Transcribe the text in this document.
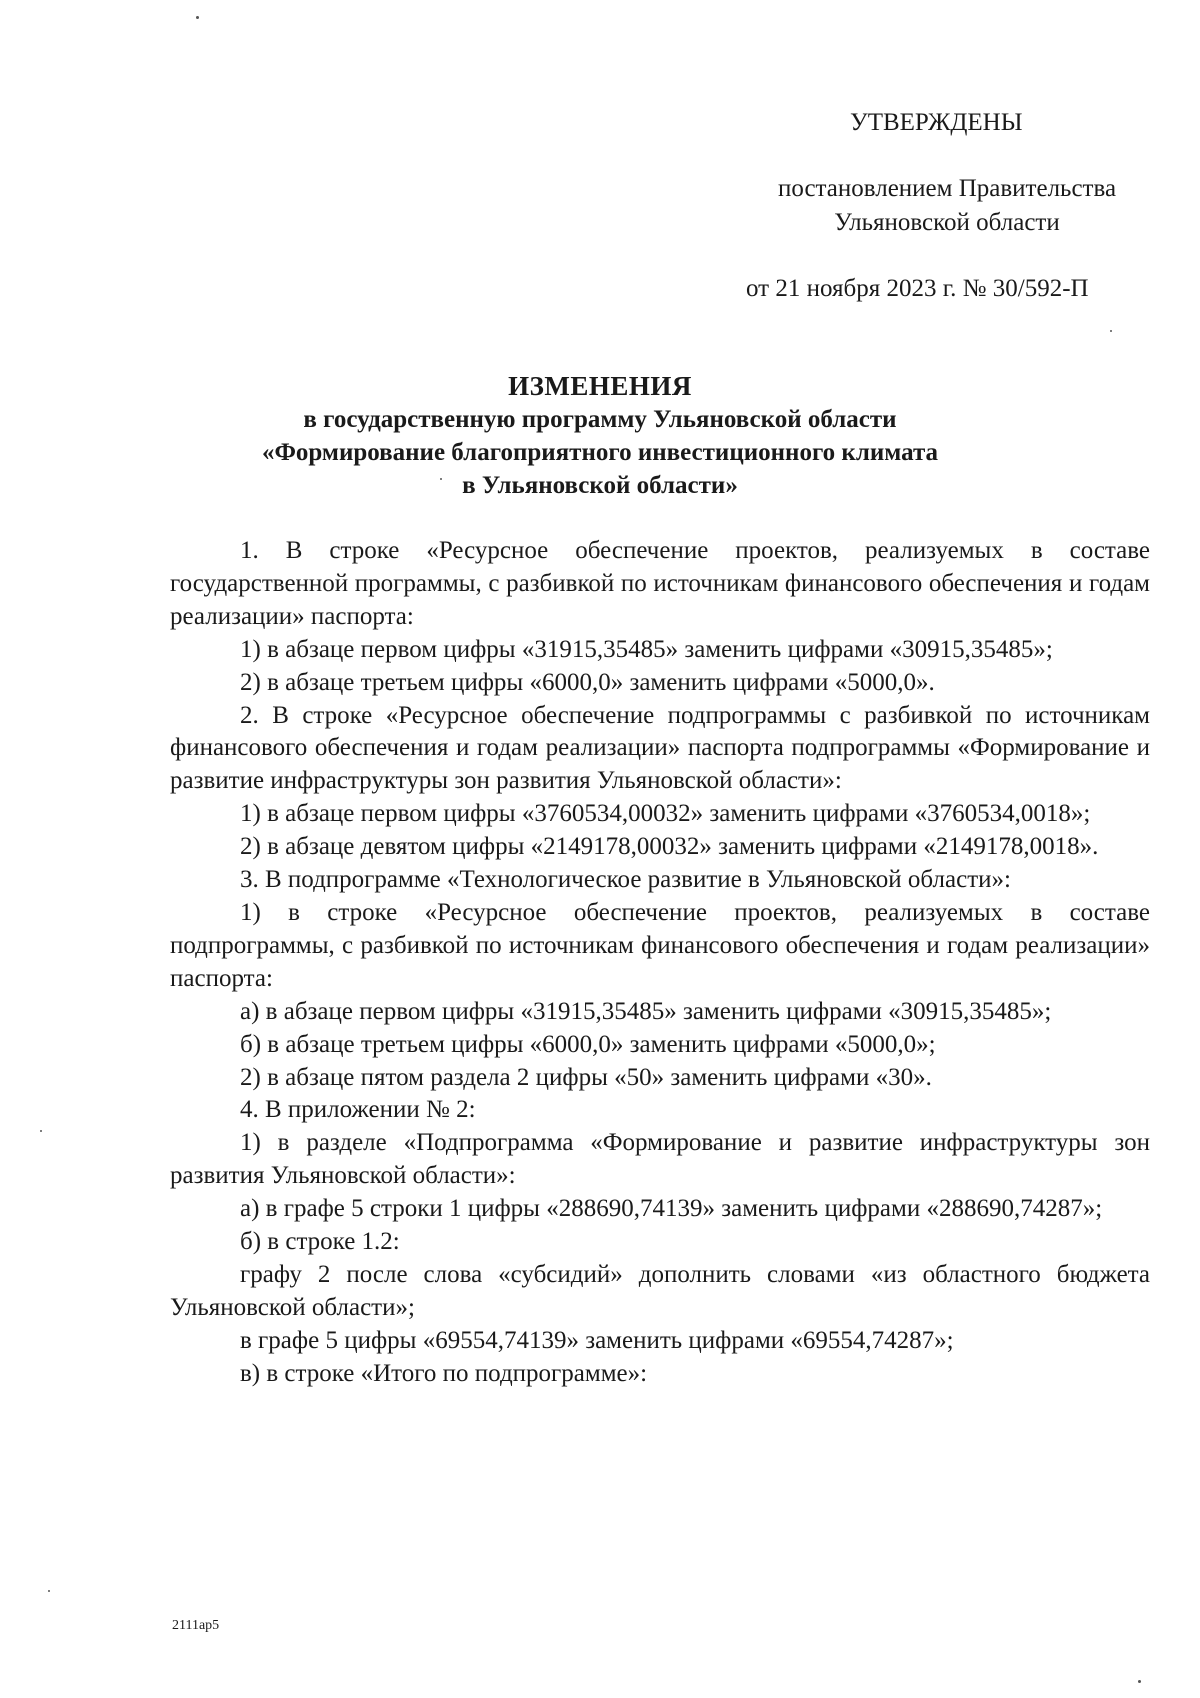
УТВЕРЖДЕНЫ
постановлением Правительства
Ульяновской области
от 21 ноября 2023 г. № 30/592-П
ИЗМЕНЕНИЯ
в государственную программу Ульяновской области
«Формирование благоприятного инвестиционного климата
в Ульяновской области»

1. В строке «Ресурсное обеспечение проектов, реализуемых в составе государственной программы, с разбивкой по источникам финансового обеспечения и годам реализации» паспорта:

1) в абзаце первом цифры «31915,35485» заменить цифрами «30915,35485»;

2) в абзаце третьем цифры «6000,0» заменить цифрами «5000,0».

2. В строке «Ресурсное обеспечение подпрограммы с разбивкой по источникам финансового обеспечения и годам реализации» паспорта подпрограммы «Формирование и развитие инфраструктуры зон развития Ульяновской области»:

1) в абзаце первом цифры «3760534,00032» заменить цифрами «3760534,0018»;

2) в абзаце девятом цифры «2149178,00032» заменить цифрами «2149178,0018».

3. В подпрограмме «Технологическое развитие в Ульяновской области»:

1) в строке «Ресурсное обеспечение проектов, реализуемых в составе подпрограммы, с разбивкой по источникам финансового обеспечения и годам реализации» паспорта:

а) в абзаце первом цифры «31915,35485» заменить цифрами «30915,35485»;

б) в абзаце третьем цифры «6000,0» заменить цифрами «5000,0»;

2) в абзаце пятом раздела 2 цифры «50» заменить цифрами «30».

4. В приложении № 2:

1) в разделе «Подпрограмма «Формирование и развитие инфраструктуры зон развития Ульяновской области»:

а) в графе 5 строки 1 цифры «288690,74139» заменить цифрами «288690,74287»;

б) в строке 1.2:

графу 2 после слова «субсидий» дополнить словами «из областного бюджета Ульяновской области»;

в графе 5 цифры «69554,74139» заменить цифрами «69554,74287»;

в) в строке «Итого по подпрограмме»:

2111ap5
